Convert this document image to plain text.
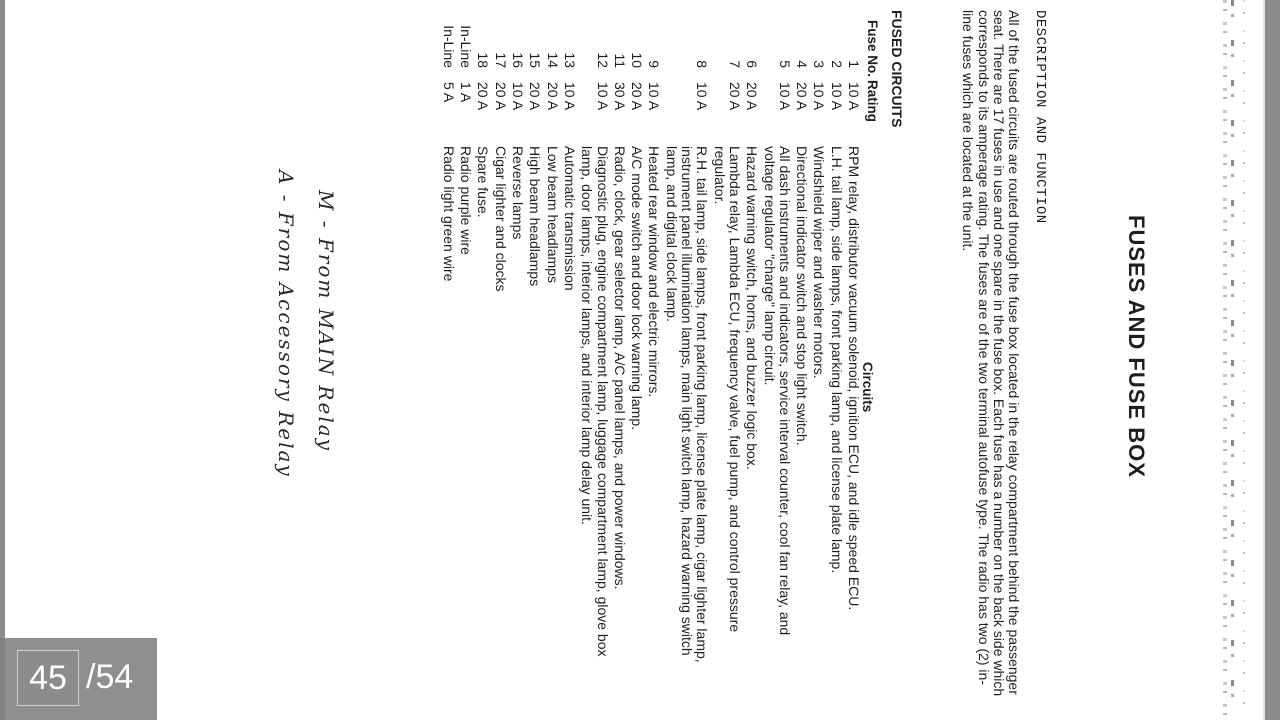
FUSES AND FUSE BOX
DESCRIPTION AND FUNCTION

All of the fused circuits are routed through the fuse box located in the relay compartment behind the passenger seat. There are 17 fuses in use and one spare in the fuse box. Each fuse has a number on the back side which corresponds to its amperage rating. The fuses are of the two terminal autofuse type. The radio has two (2) in-line fuses which are located at the unit.

FUSED CIRCUITS
Fuse No.
Rating
Circuits
1
10 A
RPM relay, distributor vacuum solenoid, ignition ECU, and idle speed ECU.
2
10 A
L.H. tail lamp, side lamps, front parking lamp, and license plate lamp.
3
10 A
Windshield wiper and washer motors.
4
20 A
Directional indicator switch and stop light switch.
5
10 A
All dash instruments and indicators, service interval counter, cool fan relay, and voltage regulator "charge" lamp circuit.
6
20 A
Hazard warning switch, horns, and buzzer logic box.
7
20 A
Lambda relay, Lambda ECU, frequency valve, fuel pump, and control pressure regulator.
8
10 A
R.H. tail lamp, side lamps, front parking lamp, license plate lamp, cigar lighter lamp, instrument panel illumination lamps, main light switch lamp, hazard warning switch lamp, and digital clock lamp.
9
10 A
Heated rear window and electric mirrors.
10
20 A
A/C mode switch and door lock warning lamp.
11
30 A
Radio, clock, gear selector lamp, A/C panel lamps, and power windows.
12
10 A
Diagnostic plug, engine compartment lamp, luggage compartment lamp, glove box lamp, door lamps, interior lamps, and interior lamp delay unit.
13
10 A
Automatic transmission
14
20 A
Low beam headlamps
15
20 A
High beam headlamps
16
10 A
Reverse lamps
17
20 A
Cigar lighter and clocks
18
20 A
Spare fuse.
In-Line
1 A
Radio purple wire
In-Line
5 A
Radio light green wire
M - From MAIN Relay
A - From Accessory Relay
45 /54
